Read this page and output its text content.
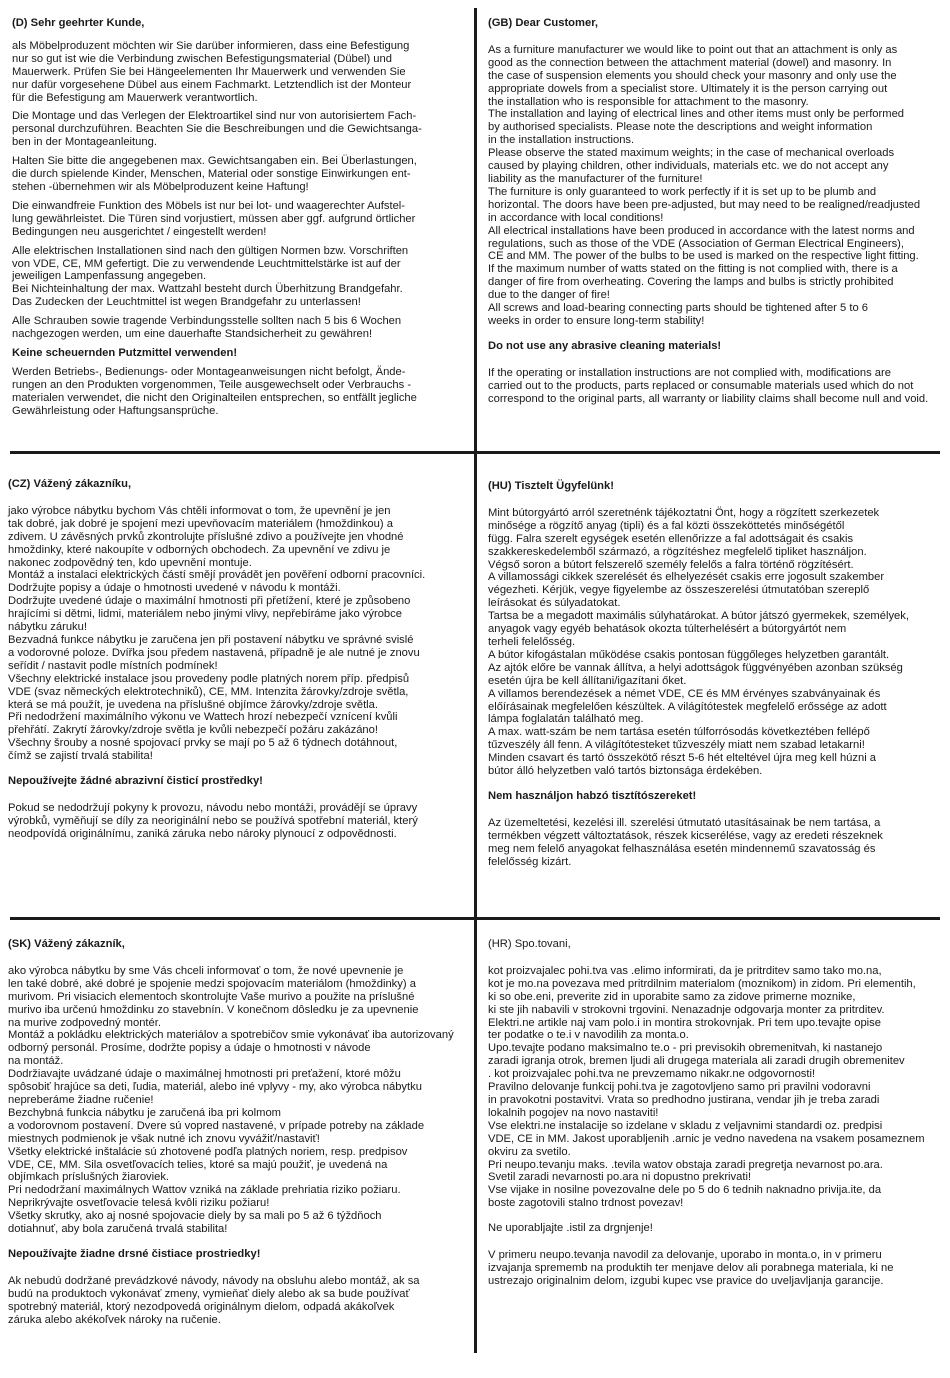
(D) Sehr geehrter Kunde,

als Möbelproduzent möchten wir Sie darüber informieren, dass eine Befestigung
nur so gut ist wie die Verbindung zwischen Befestigungsmaterial (Dübel) und
Mauerwerk. Prüfen Sie bei Hängeelementen Ihr Mauerwerk und verwenden Sie
nur dafür vorgesehene Dübel aus einem Fachmarkt. Letztendlich ist der Monteur
für die Befestigung am Mauerwerk verantwortlich.

Die Montage und das Verlegen der Elektroartikel sind nur von autorisiertem Fach-
personal durchzuführen. Beachten Sie die Beschreibungen und die Gewichtsanga-
ben in der Montageanleitung.

Halten Sie bitte die angegebenen max. Gewichtsangaben ein. Bei Überlastungen,
die durch spielende Kinder, Menschen, Material oder sonstige Einwirkungen ent-
stehen -übernehmen wir als Möbelproduzent keine Haftung!

Die einwandfreie Funktion des Möbels ist nur bei lot- und waagerechter Aufstel-
lung gewährleistet. Die Türen sind vorjustiert, müssen aber ggf. aufgrund örtlicher
Bedingungen neu ausgerichtet / eingestellt werden!

Alle elektrischen Installationen sind nach den gültigen Normen bzw. Vorschriften
von VDE, CE, MM gefertigt. Die zu verwendende Leuchtmittelstärke ist auf der
jeweiligen Lampenfassung angegeben.
Bei Nichteinhaltung der max. Wattzahl besteht durch Überhitzung Brandgefahr.
Das Zudecken der Leuchtmittel ist wegen Brandgefahr zu unterlassen!

Alle Schrauben sowie tragende Verbindungsstelle sollten nach 5 bis 6 Wochen
nachgezogen werden, um eine dauerhafte Standsicherheit zu gewähren!

Keine scheuernden Putzmittel verwenden!

Werden Betriebs-, Bedienungs- oder Montageanweisungen nicht befolgt, Ände-
rungen an den Produkten vorgenommen, Teile ausgewechselt oder Verbrauchs -
materialen verwendet, die nicht den Originalteilen entsprechen, so entfällt jegliche
Gewährleistung oder Haftungsansprüche.

(GB) Dear Customer,

As a furniture manufacturer we would like to point out that an attachment is only as
good as the connection between the attachment material (dowel) and masonry. In
the case of suspension elements you should check your masonry and only use the
appropriate dowels from a specialist store. Ultimately it is the person carrying out
the installation who is responsible for attachment to the masonry.
The installation and laying of electrical lines and other items must only be performed
by authorised specialists. Please note the descriptions and weight information
in the installation instructions.
Please observe the stated maximum weights; in the case of mechanical overloads
caused by playing children, other individuals, materials etc. we do not accept any
liability as the manufacturer of the furniture!
The furniture is only guaranteed to work perfectly if it is set up to be plumb and
horizontal. The doors have been pre-adjusted, but may need to be realigned/readjusted
in accordance with local conditions!
All electrical installations have been produced in accordance with the latest norms and
regulations, such as those of the VDE (Association of German Electrical Engineers),
CE and MM. The power of the bulbs to be used is marked on the respective light fitting.
If the maximum number of watts stated on the fitting is not complied with, there is a
danger of fire from overheating. Covering the lamps and bulbs is strictly prohibited
due to the danger of fire!
All screws and load-bearing connecting parts should be tightened after 5 to 6
weeks in order to ensure long-term stability!

Do not use any abrasive cleaning materials!

If the operating or installation instructions are not complied with, modifications are
carried out to the products, parts replaced or consumable materials used which do not
correspond to the original parts, all warranty or liability claims shall become null and void.

(CZ) Vážený zákazníku,

jako výrobce nábytku bychom Vás chtěli informovat o tom, že upevnění je jen
tak dobré, jak dobré je spojení mezi upevňovacím materiálem (hmoždinkou) a
zdivem. U závěsných prvků zkontrolujte příslušné zdivo a používejte jen vhodné
hmoždinky, které nakoupíte v odborných obchodech. Za upevnění ve zdivu je
nakonec zodpovědný ten, kdo upevnění montuje.
Montáž a instalaci elektrických částí smějí provádět jen pověření odborní pracovníci.
Dodržujte popisy a údaje o hmotnosti uvedené v návodu k montáži.
Dodržujte uvedené údaje o maximální hmotnosti při přetížení, které je způsobeno
hrajícími si dětmi, lidmi, materiálem nebo jinými vlivy, nepřebíráme jako výrobce
nábytku záruku!
Bezvadná funkce nábytku je zaručena jen při postavení nábytku ve správné svislé
a vodorovné poloze. Dvířka jsou předem nastavená, případně je ale nutné je znovu
seřídit / nastavit podle místních podmínek!
Všechny elektrické instalace jsou provedeny podle platných norem příp. předpisů
VDE (svaz německých elektrotechniků), CE, MM. Intenzita žárovky/zdroje světla,
která se má použít, je uvedena na příslušné objímce žárovky/zdroje světla.
Při nedodržení maximálního výkonu ve Wattech hrozí nebezpečí vznícení kvůli
přehřátí. Zakrytí žárovky/zdroje světla je kvůli nebezpečí požáru zakázáno!
Všechny šrouby a nosné spojovací prvky se mají po 5 až 6 týdnech dotáhnout,
čímž se zajistí trvalá stabilita!

Nepoužívejte žádné abrazivní čisticí prostředky!

Pokud se nedodržují pokyny k provozu, návodu nebo montáži, provádějí se úpravy
výrobků, vyměňují se díly za neoriginální nebo se používá spotřební materiál, který
neodpovídá originálnímu, zaniká záruka nebo nároky plynoucí z odpovědnosti.

(HU) Tisztelt Ügyfelünk!

Mint bútorgyártó arról szeretnénk tájékoztatni Önt, hogy a rögzített szerkezetek
minősége a rögzítő anyag (tipli) és a fal közti összeköttetés minőségétől
függ. Falra szerelt egységek esetén ellenőrizze a fal adottságait és csakis
szakkereskedelemből származó, a rögzítéshez megfelelő tipliket használjon.
Végső soron a bútort felszerelő személy felelős a falra történő rögzítésért.
A villamossági cikkek szerelését és elhelyezését csakis erre jogosult szakember
végezheti. Kérjük, vegye figyelembe az összeszerelési útmutatóban szereplő
leírásokat és súlyadatokat.
Tartsa be a megadott maximális súlyhatárokat. A bútor játszó gyermekek, személyek,
anyagok vagy egyéb behatások okozta túlterhelésért a bútorgyártót nem
terheli felelősség.
A bútor kifogástalan működése csakis pontosan függőleges helyzetben garantált.
Az ajtók előre be vannak állítva, a helyi adottságok függvényében azonban szükség
esetén újra be kell állítani/igazítani őket.
A villamos berendezések a német VDE, CE és MM érvényes szabványainak és
előírásainak megfelelően készültek. A világítótestek megfelelő erőssége az adott
lámpa foglalatán található meg.
A max. watt-szám be nem tartása esetén túlforrósodás következtében fellépő
tűzveszély áll fenn. A világítótesteket tűzveszély miatt nem szabad letakarni!
Minden csavart és tartó összekötő részt 5-6 hét elteltével újra meg kell húzni a
bútor álló helyzetben való tartós biztonsága érdekében.

Nem használjon habzó tisztítószereket!

Az üzemeltetési, kezelési ill. szerelési útmutató utasításainak be nem tartása, a
termékben végzett változtatások, részek kicserélése, vagy az eredeti részeknek
meg nem felelő anyagokat felhasználása esetén mindennemű szavatosság és
felelősség kizárt.

(SK) Vážený zákazník,

ako výrobca nábytku by sme Vás chceli informovať o tom, že nové upevnenie je
len také dobré, aké dobré je spojenie medzi spojovacím materiálom (hmoždinky) a
murivom. Pri visiacich elementoch skontrolujte Vaše murivo a použite na príslušné
murivo iba určenú hmoždinku zo stavebnín. V konečnom dôsledku je za upevnenie
na murive zodpovedný montér.
Montáž a pokládku elektrických materiálov a spotrebičov smie vykonávať iba autorizovaný
odborný personál. Prosíme, dodržte popisy a údaje o hmotnosti v návode
na montáž.
Dodržiavajte uvádzané údaje o maximálnej hmotnosti pri preťažení, ktoré môžu
spôsobiť hrajúce sa deti, ľudia, materiál, alebo iné vplyvy - my, ako výrobca nábytku
nepreberáme žiadne ručenie!
Bezchybná funkcia nábytku je zaručená iba pri kolmom
a vodorovnom postavení. Dvere sú vopred nastavené, v prípade potreby na základe
miestnych podmienok je však nutné ich znovu vyvážiť/nastaviť!
Všetky elektrické inštalácie sú zhotovené podľa platných noriem, resp. predpisov
VDE, CE, MM. Sila osvetľovacích telies, ktoré sa majú použiť, je uvedená na
objímkach príslušných žiaroviek.
Pri nedodržaní maximálnych Wattov vzniká na základe prehriatia riziko požiaru.
Neprikrývajte osvetľovacie telesá kvôli riziku požiaru!
Všetky skrutky, ako aj nosné spojovacie diely by sa mali po 5 až 6 týždňoch
dotiahnuť, aby bola zaručená trvalá stabilita!

Nepoužívajte žiadne drsné čistiace prostriedky!

Ak nebudú dodržané prevádzkové návody, návody na obsluhu alebo montáž, ak sa
budú na produktoch vykonávať zmeny, vymieňať diely alebo ak sa bude používať
spotrebný materiál, ktorý nezodpovedá originálnym dielom, odpadá akákoľvek
záruka alebo akékoľvek nároky na ručenie.

(HR) Spo.tovani,

kot proizvajalec pohi.tva vas .elimo informirati, da je pritrditev samo tako mo.na,
kot je mo.na povezava med pritrdilnim materialom (moznikom) in zidom. Pri elementih,
ki so obe.eni, preverite zid in uporabite samo za zidove primerne moznike,
ki ste jih nabavili v strokovni trgovini. Nenazadnje odgovarja monter za pritrditev.
Elektri.ne artikle naj vam polo.i in montira strokovnjak. Pri tem upo.tevajte opise
ter podatke o te.i v navodilih za monta.o.
Upo.tevajte podano maksimalno te.o - pri previsokih obremenitvah, ki nastanejo
zaradi igranja otrok, bremen ljudi ali drugega materiala ali zaradi drugih obremenitev
. kot proizvajalec pohi.tva ne prevzemamo nikakr.ne odgovornosti!
Pravilno delovanje funkcij pohi.tva je zagotovljeno samo pri pravilni vodoravni
in pravokotni postavitvi. Vrata so predhodno justirana, vendar jih je treba zaradi
lokalnih pogojev na novo nastaviti!
Vse elektri.ne instalacije so izdelane v skladu z veljavnimi standardi oz. predpisi
VDE, CE in MM. Jakost uporabljenih .arnic je vedno navedena na vsakem posameznem
okviru za svetilo.
Pri neupo.tevanju maks. .tevila watov obstaja zaradi pregretja nevarnost po.ara.
Svetil zaradi nevarnosti po.ara ni dopustno prekrivati!
Vse vijake in nosilne povezovalne dele po 5 do 6 tednih naknadno privija.ite, da
boste zagotovili stalno trdnost povezav!

Ne uporabljajte .istil za drgnjenje!

V primeru neupo.tevanja navodil za delovanje, uporabo in monta.o, in v primeru
izvajanja sprememb na produktih ter menjave delov ali porabnega materiala, ki ne
ustrezajo originalnim delom, izgubi kupec vse pravice do uveljavljanja garancije.
